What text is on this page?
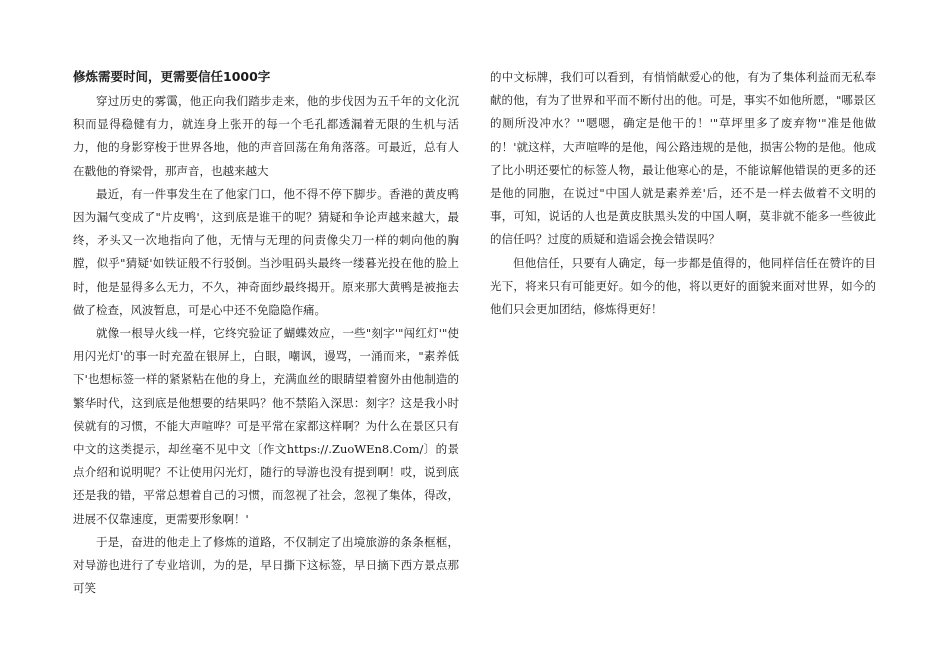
修炼需要时间，更需要信任1000字

穿过历史的雾霭，他正向我们踏步走来，他的步伐因为五千年的文化沉积而显得稳健有力，就连身上张开的每一个毛孔都透漏着无限的生机与活力，他的身影穿梭于世界各地，他的声音回荡在角角落落。可最近，总有人在戳他的脊梁骨，那声音，也越来越大

最近，有一件事发生在了他家门口，他不得不停下脚步。香港的黄皮鸭因为漏气变成了"片皮鸭'，这到底是谁干的呢？猜疑和争论声越来越大，最终，矛头又一次地指向了他，无情与无理的问责像尖刀一样的刺向他的胸膛，似乎"猜疑'如铁证般不行驳倒。当沙咀码头最终一缕暮光投在他的脸上时，他是显得多么无力，不久，神奇面纱最终揭开。原来那大黄鸭是被拖去做了检查，风波暂息，可是心中还不免隐隐作痛。

就像一根导火线一样，它终究验证了蝴蝶效应，一些"刻字'"闯红灯'"使用闪光灯'的事一时充盈在银屏上，白眼，嘲讽，谩骂，一涌而来，"素养低下'也想标签一样的紧紧粘在他的身上，充满血丝的眼睛望着窗外由他制造的繁华时代，这到底是他想要的结果吗？他不禁陷入深思：刻字？这是我小时侯就有的习惯，不能大声喧哗？可是平常在家都这样啊？为什么在景区只有中文的这类提示，却丝毫不见中文〔作文https://.ZuoWEn8.Com/〕的景点介绍和说明呢？不让使用闪光灯，随行的导游也没有提到啊！哎，说到底还是我的错，平常总想着自己的习惯，而忽视了社会，忽视了集体，得改，进展不仅靠速度，更需要形象啊！'

于是，奋进的他走上了修炼的道路，不仅制定了出境旅游的条条框框，对导游也进行了专业培训，为的是，早日撕下这标签，早日摘下西方景点那可笑

的中文标牌，我们可以看到，有悄悄献爱心的他，有为了集体利益而无私奉献的他，有为了世界和平而不断付出的他。可是，事实不如他所愿，"哪景区的厕所没冲水？'"嗯嗯，确定是他干的！'"草坪里多了废弃物'"准是他做的！'就这样，大声喧哗的是他，闯公路违规的是他，损害公物的是他。他成了比小明还要忙的标签人物，最让他寒心的是，不能谅解他错误的更多的还是他的同胞，在说过"中国人就是素养差'后，还不是一样去做着不文明的事，可知，说话的人也是黄皮肤黑头发的中国人啊，莫非就不能多一些彼此的信任吗？过度的质疑和造谣会挽会错误吗？

但他信任，只要有人确定，每一步都是值得的，他同样信任在赞许的目光下，将来只有可能更好。如今的他，将以更好的面貌来面对世界，如今的他们只会更加团结，修炼得更好！
